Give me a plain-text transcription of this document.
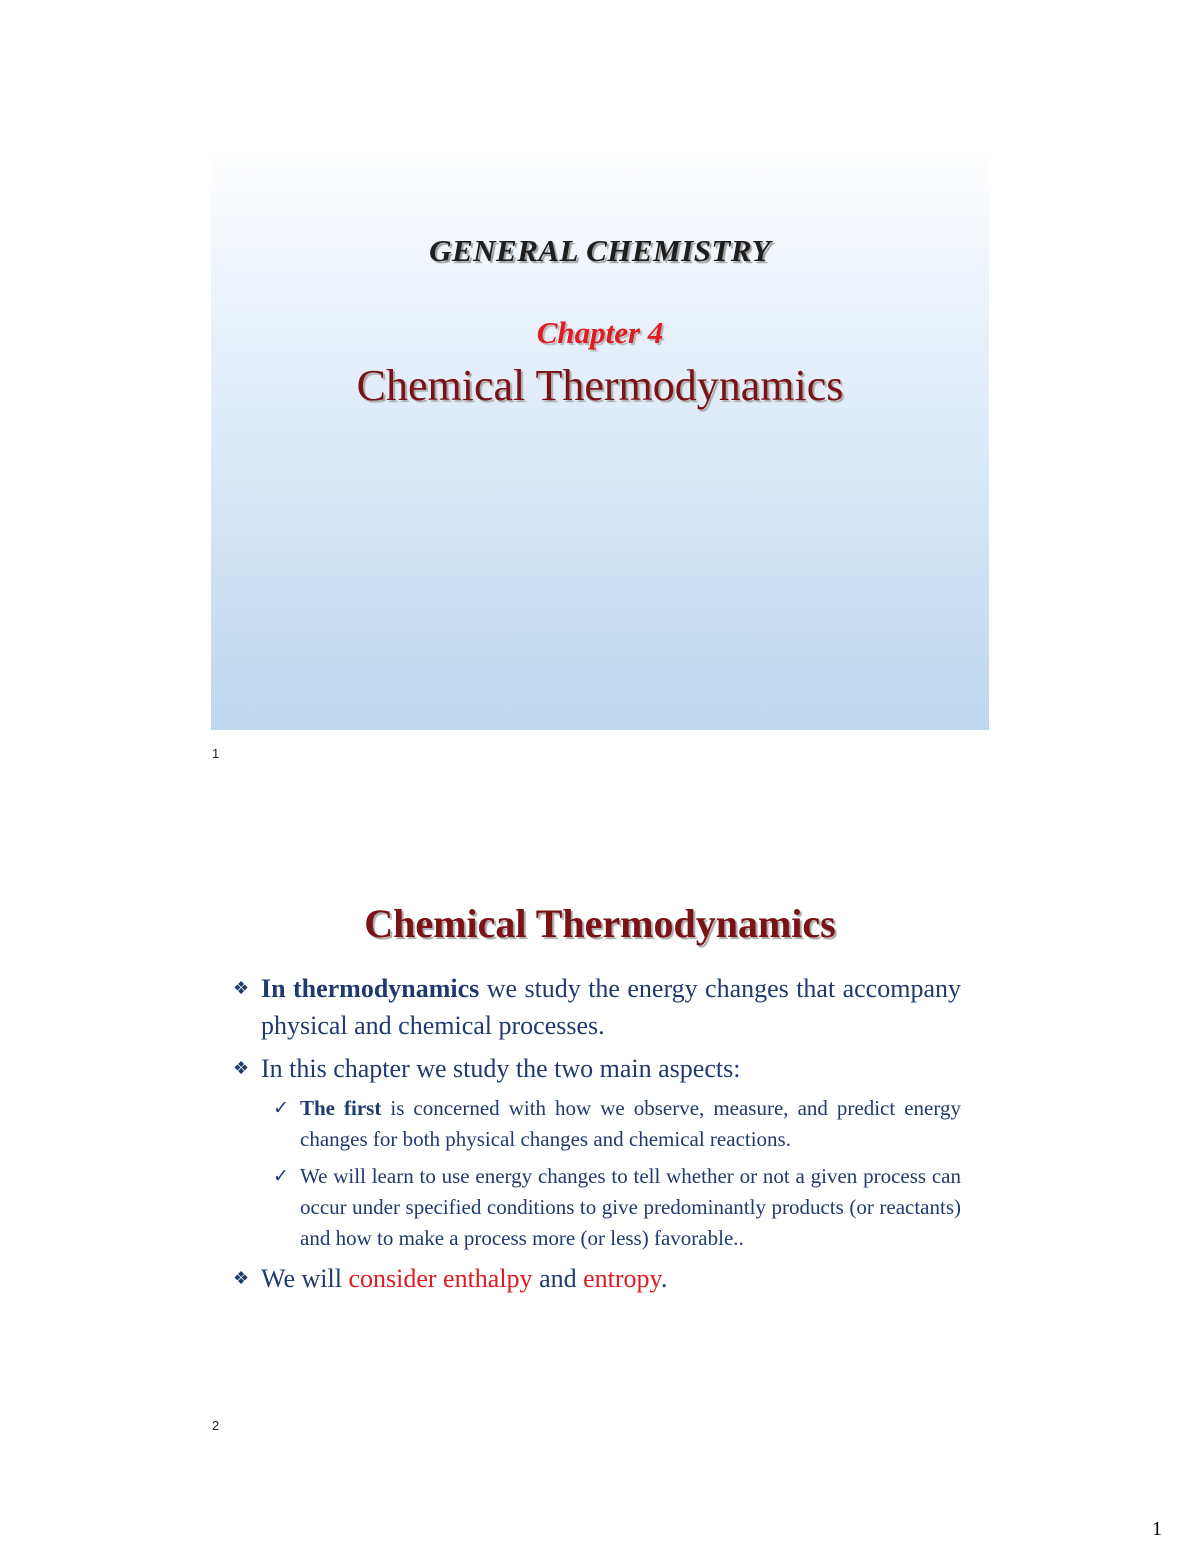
GENERAL CHEMISTRY
Chapter 4
Chemical Thermodynamics
1
Chemical Thermodynamics
❖ In thermodynamics we study the energy changes that accompany physical and chemical processes.
❖ In this chapter we study the two main aspects:
✓ The first is concerned with how we observe, measure, and predict energy changes for both physical changes and chemical reactions.
✓ We will learn to use energy changes to tell whether or not a given process can occur under specified conditions to give predominantly products (or reactants) and how to make a process more (or less) favorable..
❖ We will consider enthalpy and entropy.
2
1
